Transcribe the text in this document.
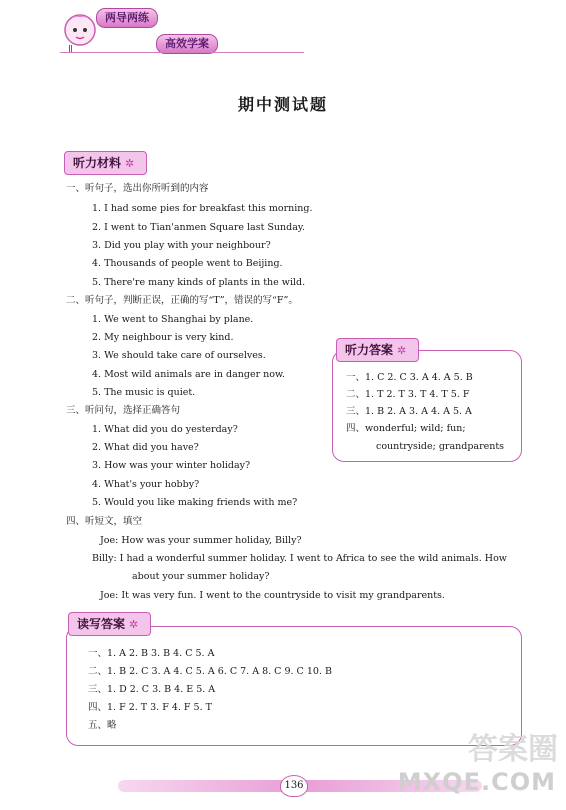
两导两练
高效学案
Ⅱ
期中测试题
听力材料 ✲
一、听句子，选出你所听到的内容
1. I had some pies for breakfast this morning.
2. I went to Tian'anmen Square last Sunday.
3. Did you play with your neighbour?
4. Thousands of people went to Beijing.
5. There're many kinds of plants in the wild.
二、听句子，判断正误，正确的写“T”，错误的写“F”。
1. We went to Shanghai by plane.
2. My neighbour is very kind.
3. We should take care of ourselves.
4. Most wild animals are in danger now.
5. The music is quiet.
三、听问句，选择正确答句
1. What did you do yesterday?
2. What did you have?
3. How was your winter holiday?
4. What's your hobby?
5. Would you like making friends with me?
四、听短文，填空
Joe: How was your summer holiday, Billy?
Billy: I had a wonderful summer holiday. I went to Africa to see the wild animals. How
about your summer holiday?
Joe: It was very fun. I went to the countryside to visit my grandparents.
听力答案 ✲
一、1. C 2. C 3. A 4. A 5. B
二、1. T 2. T 3. T 4. T 5. F
三、1. B 2. A 3. A 4. A 5. A
四、wonderful; wild; fun;
countryside; grandparents
读写答案 ✲
一、1. A 2. B 3. B 4. C 5. A
二、1. B 2. C 3. A 4. C 5. A 6. C 7. A 8. C 9. C 10. B
三、1. D 2. C 3. B 4. E 5. A
四、1. F 2. T 3. F 4. F 5. T
五、略
136
答案圈
MXQE.COM
